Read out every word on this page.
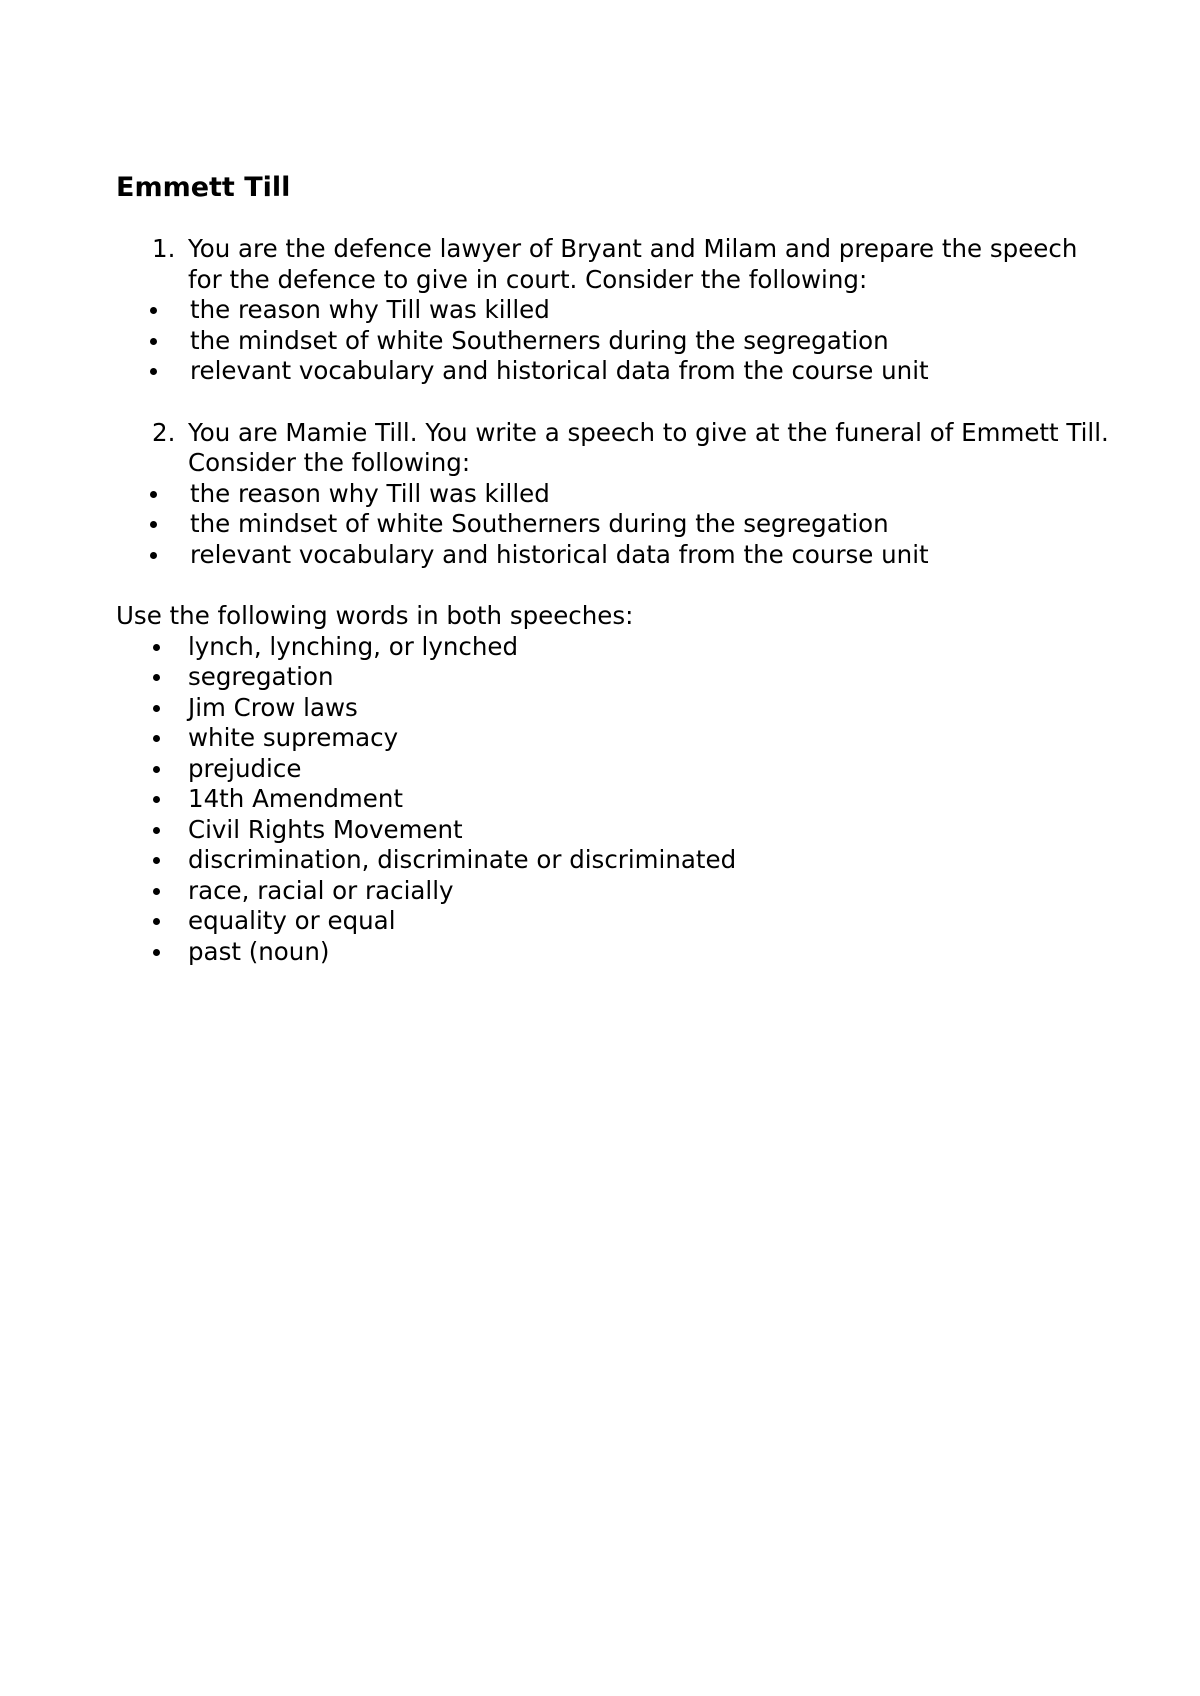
Emmett Till
1. You are the defence lawyer of Bryant and Milam and prepare the speech for the defence to give in court. Consider the following:
the reason why Till was killed
the mindset of white Southerners during the segregation
relevant vocabulary and historical data from the course unit
2. You are Mamie Till. You write a speech to give at the funeral of Emmett Till. Consider the following:
the reason why Till was killed
the mindset of white Southerners during the segregation
relevant vocabulary and historical data from the course unit
Use the following words in both speeches:
lynch, lynching, or lynched
segregation
Jim Crow laws
white supremacy
prejudice
14th Amendment
Civil Rights Movement
discrimination, discriminate or discriminated
race, racial or racially
equality or equal
past (noun)
